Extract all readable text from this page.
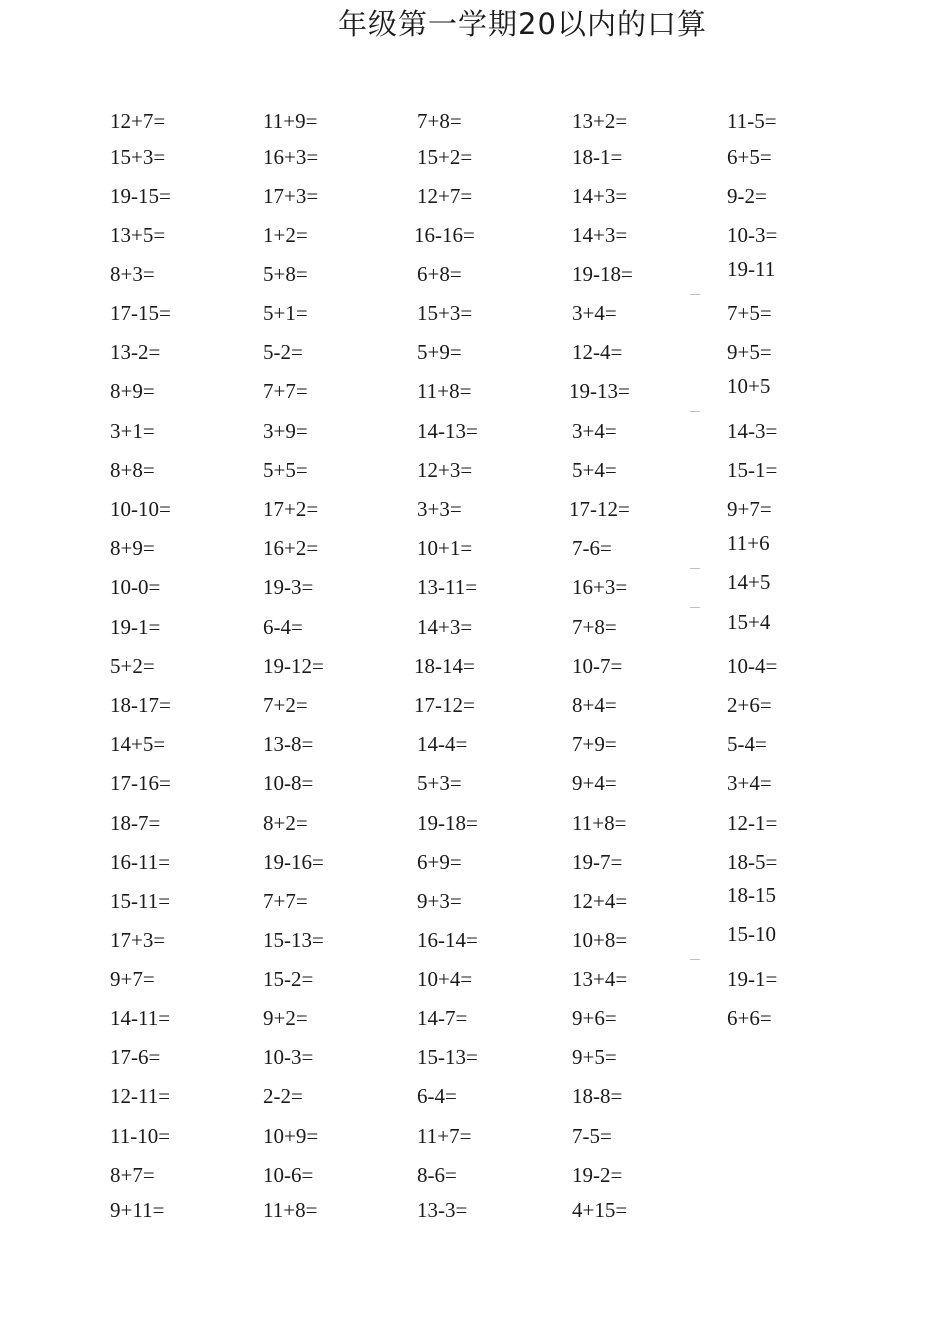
年级第一学期20以内的口算
12+7=
15+3=
19-15=
13+5=
8+3=
17-15=
13-2=
8+9=
3+1=
8+8=
10-10=
8+9=
10-0=
19-1=
5+2=
18-17=
14+5=
17-16=
18-7=
16-11=
15-11=
17+3=
9+7=
14-11=
17-6=
12-11=
11-10=
8+7=
9+11=
11+9=
16+3=
17+3=
1+2=
5+8=
5+1=
5-2=
7+7=
3+9=
5+5=
17+2=
16+2=
19-3=
6-4=
19-12=
7+2=
13-8=
10-8=
8+2=
19-16=
7+7=
15-13=
15-2=
9+2=
10-3=
2-2=
10+9=
10-6=
11+8=
7+8=
15+2=
12+7=
16-16=
6+8=
15+3=
5+9=
11+8=
14-13=
12+3=
3+3=
10+1=
13-11=
14+3=
18-14=
17-12=
14-4=
5+3=
19-18=
6+9=
9+3=
16-14=
10+4=
14-7=
15-13=
6-4=
11+7=
8-6=
13-3=
13+2=
18-1=
14+3=
14+3=
19-18=
3+4=
12-4=
19-13=
3+4=
5+4=
17-12=
7-6=
16+3=
7+8=
10-7=
8+4=
7+9=
9+4=
11+8=
19-7=
12+4=
10+8=
13+4=
9+6=
9+5=
18-8=
7-5=
19-2=
4+15=
11-5=
6+5=
9-2=
10-3=
19-11
7+5=
9+5=
10+5
14-3=
15-1=
9+7=
11+6
14+5
15+4
10-4=
2+6=
5-4=
3+4=
12-1=
18-5=
18-15
15-10
19-1=
6+6=
